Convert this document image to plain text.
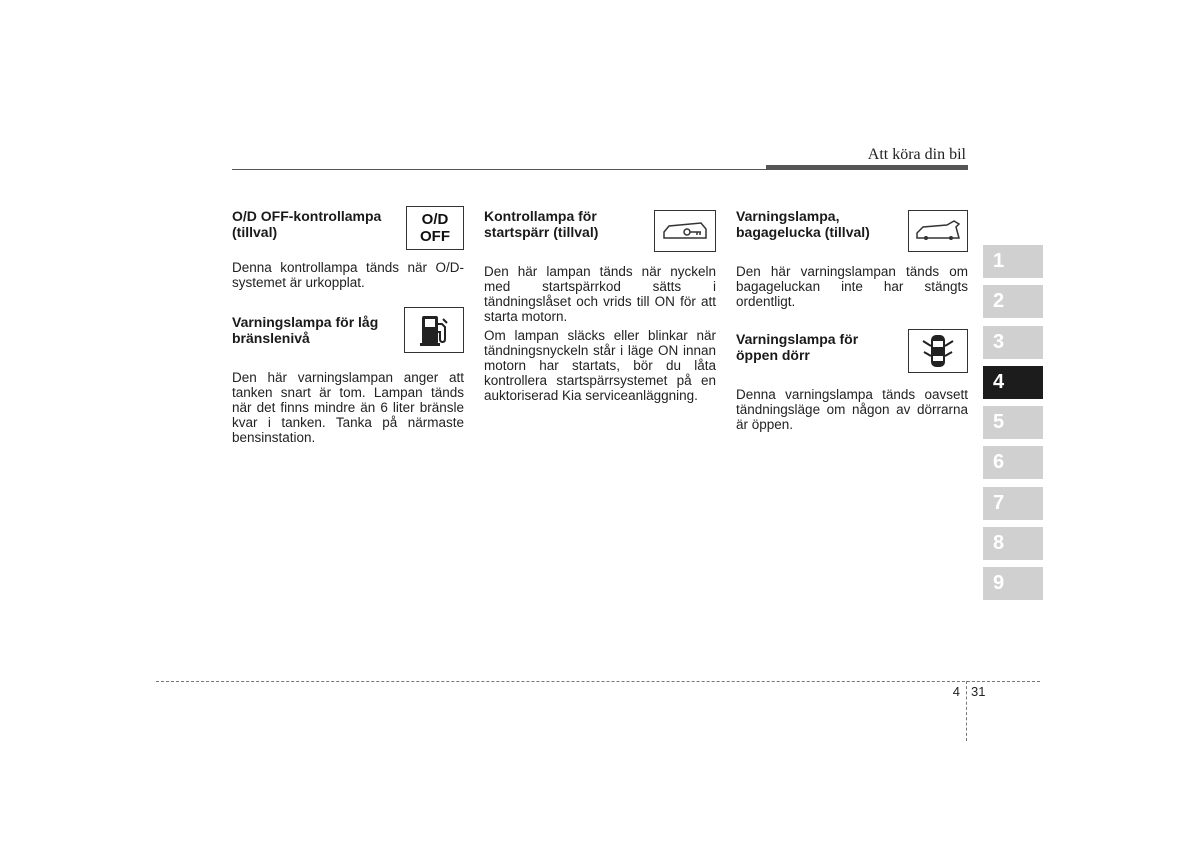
Att köra din bil
O/D OFF-kontrollampa (tillval)
O/D
OFF

Denna kontrollampa tänds när O/D-systemet är urkopplat.

Varningslampa för låg bränslenivå

Den här varningslampan anger att tanken snart är tom. Lampan tänds när det finns mindre än 6 liter bränsle kvar i tanken. Tanka på närmaste bensinstation.

Kontrollampa för startspärr (tillval)

Den här lampan tänds när nyckeln med startspärrkod sätts i tändningslåset och vrids till ON för att starta motorn.

Om lampan släcks eller blinkar när tändningsnyckeln står i läge ON innan motorn har startats, bör du låta kontrollera startspärrsystemet på en auktoriserad Kia serviceanläggning.

Varningslampa, bagagelucka (tillval)

Den här varningslampan tänds om bagageluckan inte har stängts ordentligt.

Varningslampa för öppen dörr

Denna varningslampa tänds oavsett tändningsläge om någon av dörrarna är öppen.

1
2
3
4
5
6
7
8
9
4 31
